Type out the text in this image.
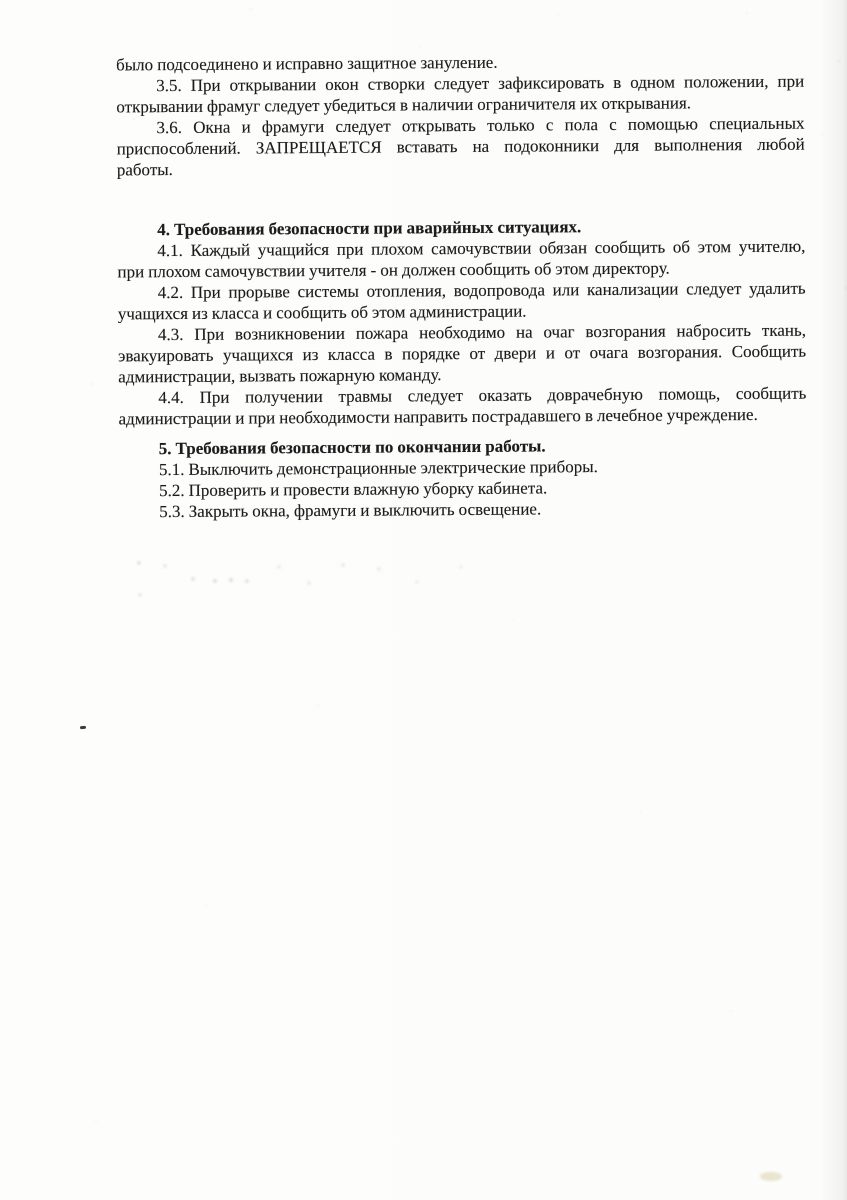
было подсоединено и исправно защитное зануление.
3.5. При открывании окон створки следует зафиксировать в одном положении, при
открывании фрамуг следует убедиться в наличии ограничителя их открывания.
3.6. Окна и фрамуги следует открывать только с пола с помощью специальных
приспособлений. ЗАПРЕЩАЕТСЯ вставать на подоконники для выполнения любой
работы.
4. Требования безопасности при аварийных ситуациях.
4.1. Каждый учащийся при плохом самочувствии обязан сообщить об этом учителю,
при плохом самочувствии учителя - он должен сообщить об этом директору.
4.2. При прорыве системы отопления, водопровода или канализации следует удалить
учащихся из класса и сообщить об этом администрации.
4.3. При возникновении пожара необходимо на очаг возгорания набросить ткань,
эвакуировать учащихся из класса в порядке от двери и от очага возгорания. Сообщить
администрации, вызвать пожарную команду.
4.4. При получении травмы следует оказать доврачебную помощь, сообщить
администрации и при необходимости направить пострадавшего в лечебное учреждение.
5. Требования безопасности по окончании работы.
5.1. Выключить демонстрационные электрические приборы.
5.2. Проверить и провести влажную уборку кабинета.
5.3. Закрыть окна, фрамуги и выключить освещение.
